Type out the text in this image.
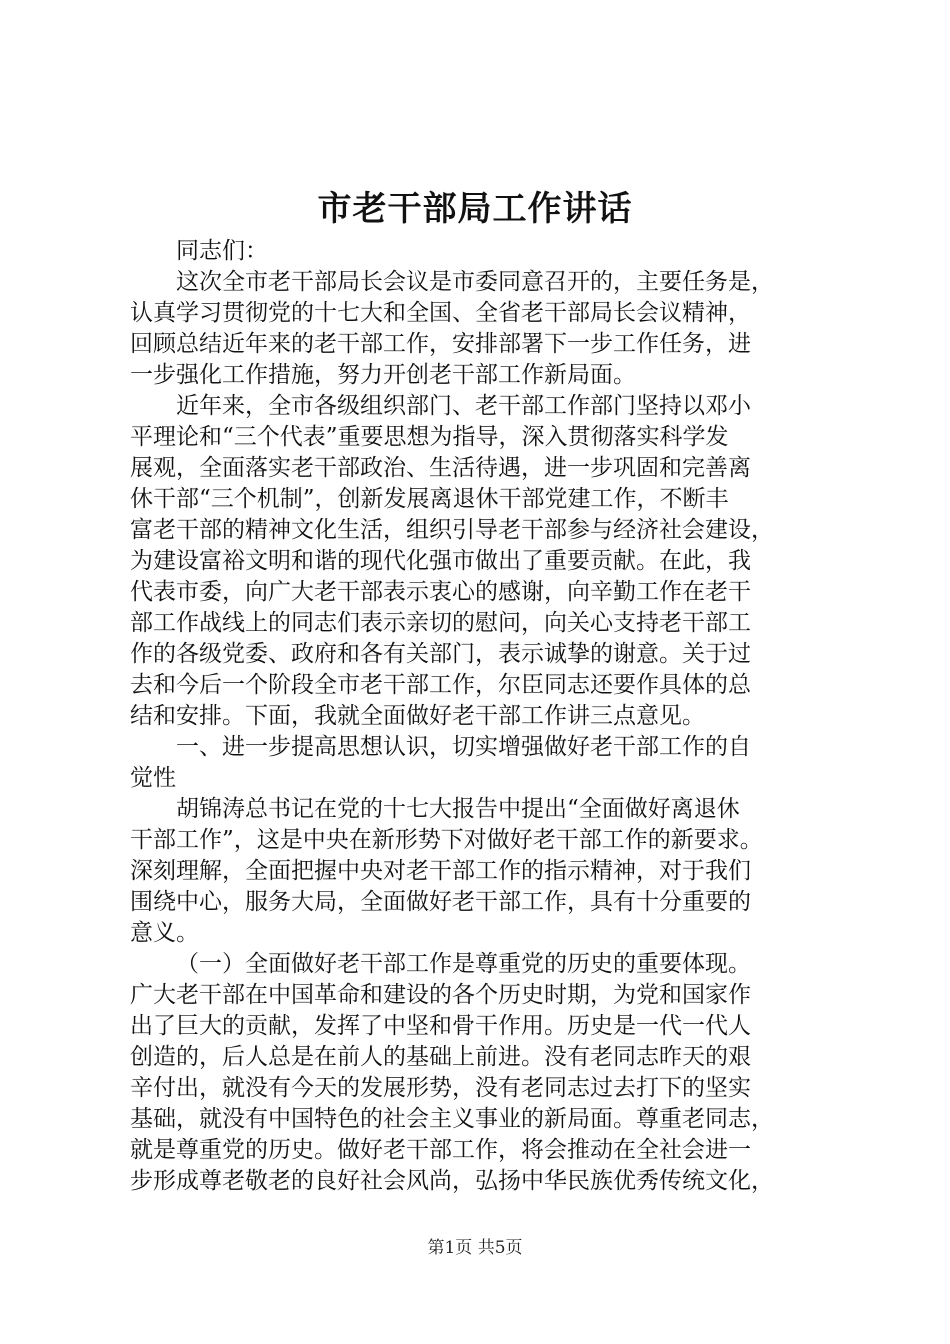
市老干部局工作讲话
同志们：
这次全市老干部局长会议是市委同意召开的，主要任务是，
认真学习贯彻党的十七大和全国、全省老干部局长会议精神，
回顾总结近年来的老干部工作，安排部署下一步工作任务，进
一步强化工作措施，努力开创老干部工作新局面。
近年来，全市各级组织部门、老干部工作部门坚持以邓小
平理论和“三个代表”重要思想为指导，深入贯彻落实科学发
展观，全面落实老干部政治、生活待遇，进一步巩固和完善离
休干部“三个机制”，创新发展离退休干部党建工作，不断丰
富老干部的精神文化生活，组织引导老干部参与经济社会建设，
为建设富裕文明和谐的现代化强市做出了重要贡献。在此，我
代表市委，向广大老干部表示衷心的感谢，向辛勤工作在老干
部工作战线上的同志们表示亲切的慰问，向关心支持老干部工
作的各级党委、政府和各有关部门，表示诚挚的谢意。关于过
去和今后一个阶段全市老干部工作，尔臣同志还要作具体的总
结和安排。下面，我就全面做好老干部工作讲三点意见。
一、进一步提高思想认识，切实增强做好老干部工作的自
觉性
胡锦涛总书记在党的十七大报告中提出“全面做好离退休
干部工作”，这是中央在新形势下对做好老干部工作的新要求。
深刻理解，全面把握中央对老干部工作的指示精神，对于我们
围绕中心，服务大局，全面做好老干部工作，具有十分重要的
意义。
（一）全面做好老干部工作是尊重党的历史的重要体现。
广大老干部在中国革命和建设的各个历史时期，为党和国家作
出了巨大的贡献，发挥了中坚和骨干作用。历史是一代一代人
创造的，后人总是在前人的基础上前进。没有老同志昨天的艰
辛付出，就没有今天的发展形势，没有老同志过去打下的坚实
基础，就没有中国特色的社会主义事业的新局面。尊重老同志，
就是尊重党的历史。做好老干部工作，将会推动在全社会进一
步形成尊老敬老的良好社会风尚，弘扬中华民族优秀传统文化，
第1页 共5页
